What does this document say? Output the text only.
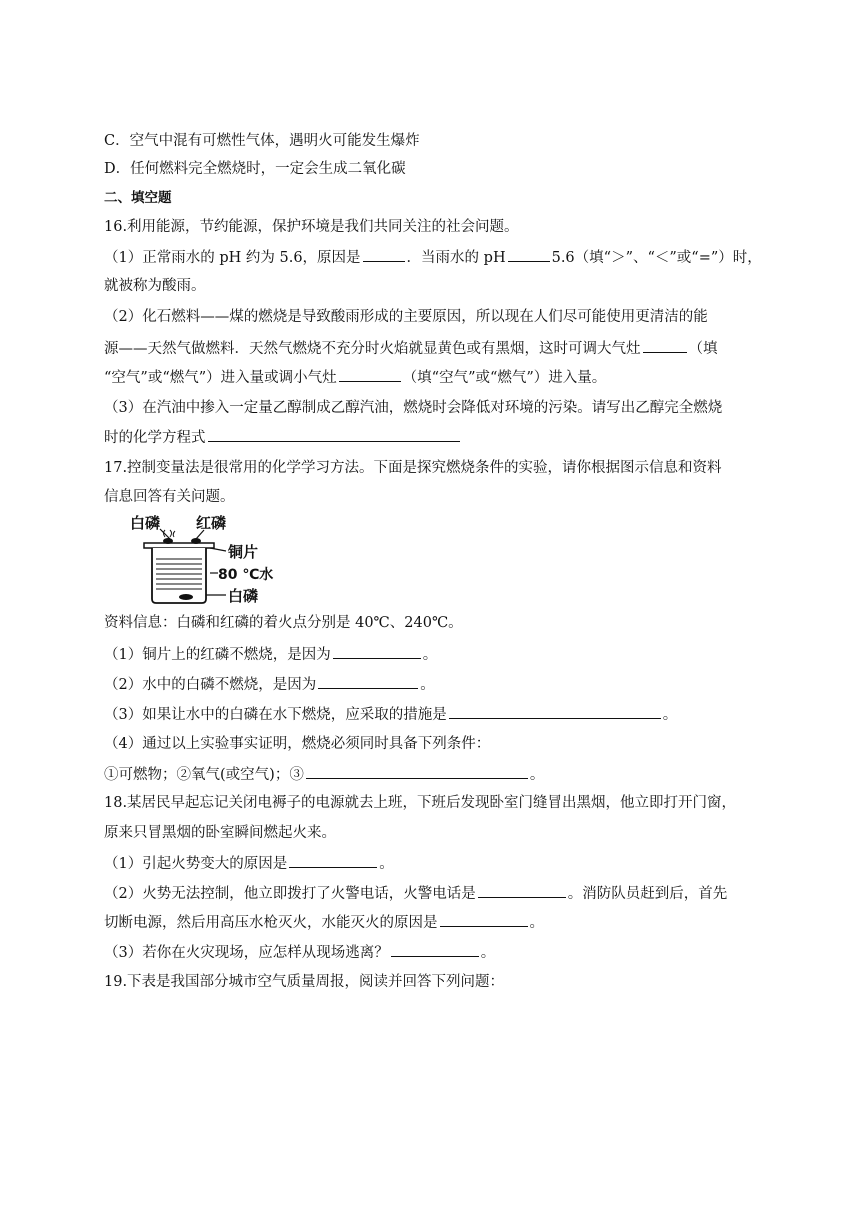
C．空气中混有可燃性气体，遇明火可能发生爆炸
D．任何燃料完全燃烧时，一定会生成二氧化碳
二、填空题
16.利用能源，节约能源，保护环境是我们共同关注的社会问题。
（1）正常雨水的 pH 约为 5.6，原因是	．当雨水的 pH	5.6（填“＞”、“＜”或“=”）时，
就被称为酸雨。
（2）化石燃料——煤的燃烧是导致酸雨形成的主要原因，所以现在人们尽可能使用更清洁的能
源——天然气做燃料．天然气燃烧不充分时火焰就显黄色或有黑烟，这时可调大气灶	（填
“空气”或“燃气”）进入量或调小气灶	（填“空气”或“燃气”）进入量。
（3）在汽油中掺入一定量乙醇制成乙醇汽油，燃烧时会降低对环境的污染。请写出乙醇完全燃烧
时的化学方程式
17.控制变量法是很常用的化学学习方法。下面是探究燃烧条件的实验，请你根据图示信息和资料
信息回答有关问题。
白磷 红磷
铜片
80 ℃水
白磷
资料信息：白磷和红磷的着火点分别是 40℃、240℃。
（1）铜片上的红磷不燃烧，是因为	。
（2）水中的白磷不燃烧，是因为	。
（3）如果让水中的白磷在水下燃烧，应采取的措施是	。
（4）通过以上实验事实证明，燃烧必须同时具备下列条件：
①可燃物；②氧气(或空气)；③	。
18.某居民早起忘记关闭电褥子的电源就去上班，下班后发现卧室门缝冒出黑烟，他立即打开门窗，
原来只冒黑烟的卧室瞬间燃起火来。
（1）引起火势变大的原因是	。
（2）火势无法控制，他立即拨打了火警电话，火警电话是	。消防队员赶到后，首先
切断电源，然后用高压水枪灭火，水能灭火的原因是	。
（3）若你在火灾现场，应怎样从现场逃离？	。
19.下表是我国部分城市空气质量周报，阅读并回答下列问题：
